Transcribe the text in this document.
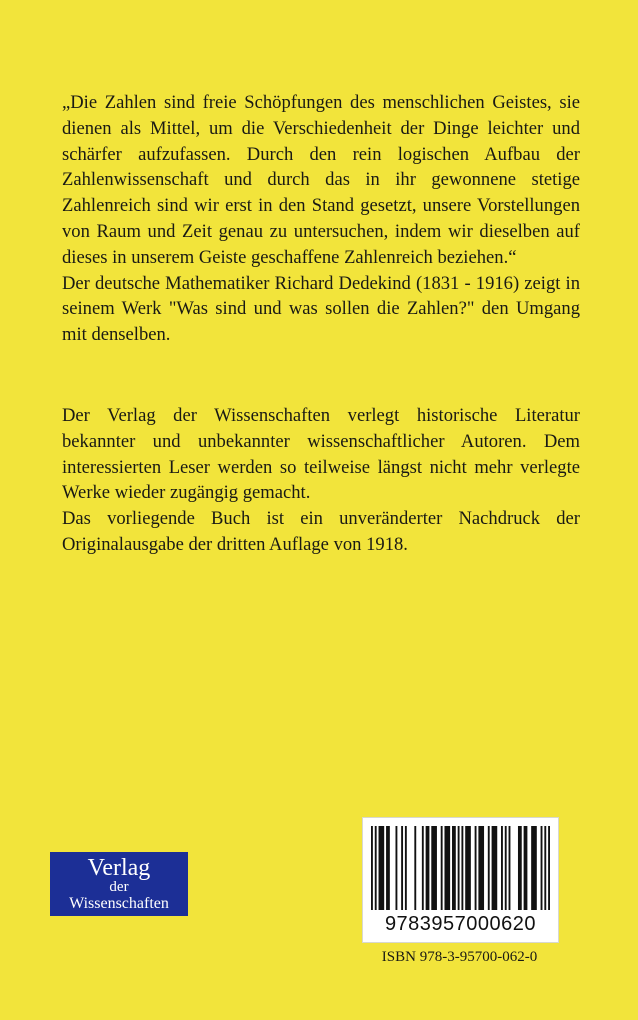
„Die Zahlen sind freie Schöpfungen des menschlichen Geistes, sie dienen als Mittel, um die Verschiedenheit der Dinge leichter und schärfer aufzufassen. Durch den rein logischen Aufbau der Zahlenwissenschaft und durch das in ihr gewonnene stetige Zahlenreich sind wir erst in den Stand gesetzt, unsere Vorstellungen von Raum und Zeit genau zu untersuchen, indem wir dieselben auf dieses in unserem Geiste geschaffene Zahlenreich beziehen.“

Der deutsche Mathematiker Richard Dedekind (1831 - 1916) zeigt in seinem Werk "Was sind und was sollen die Zahlen?" den Umgang mit denselben.

Der Verlag der Wissenschaften verlegt historische Literatur bekannter und unbekannter wissenschaftlicher Autoren. Dem interessierten Leser werden so teilweise längst nicht mehr verlegte Werke wieder zugängig gemacht.

Das vorliegende Buch ist ein unveränderter Nachdruck der Originalausgabe der dritten Auflage von 1918.

Verlag
der
Wissenschaften
9783957000620
ISBN 978-3-95700-062-0
